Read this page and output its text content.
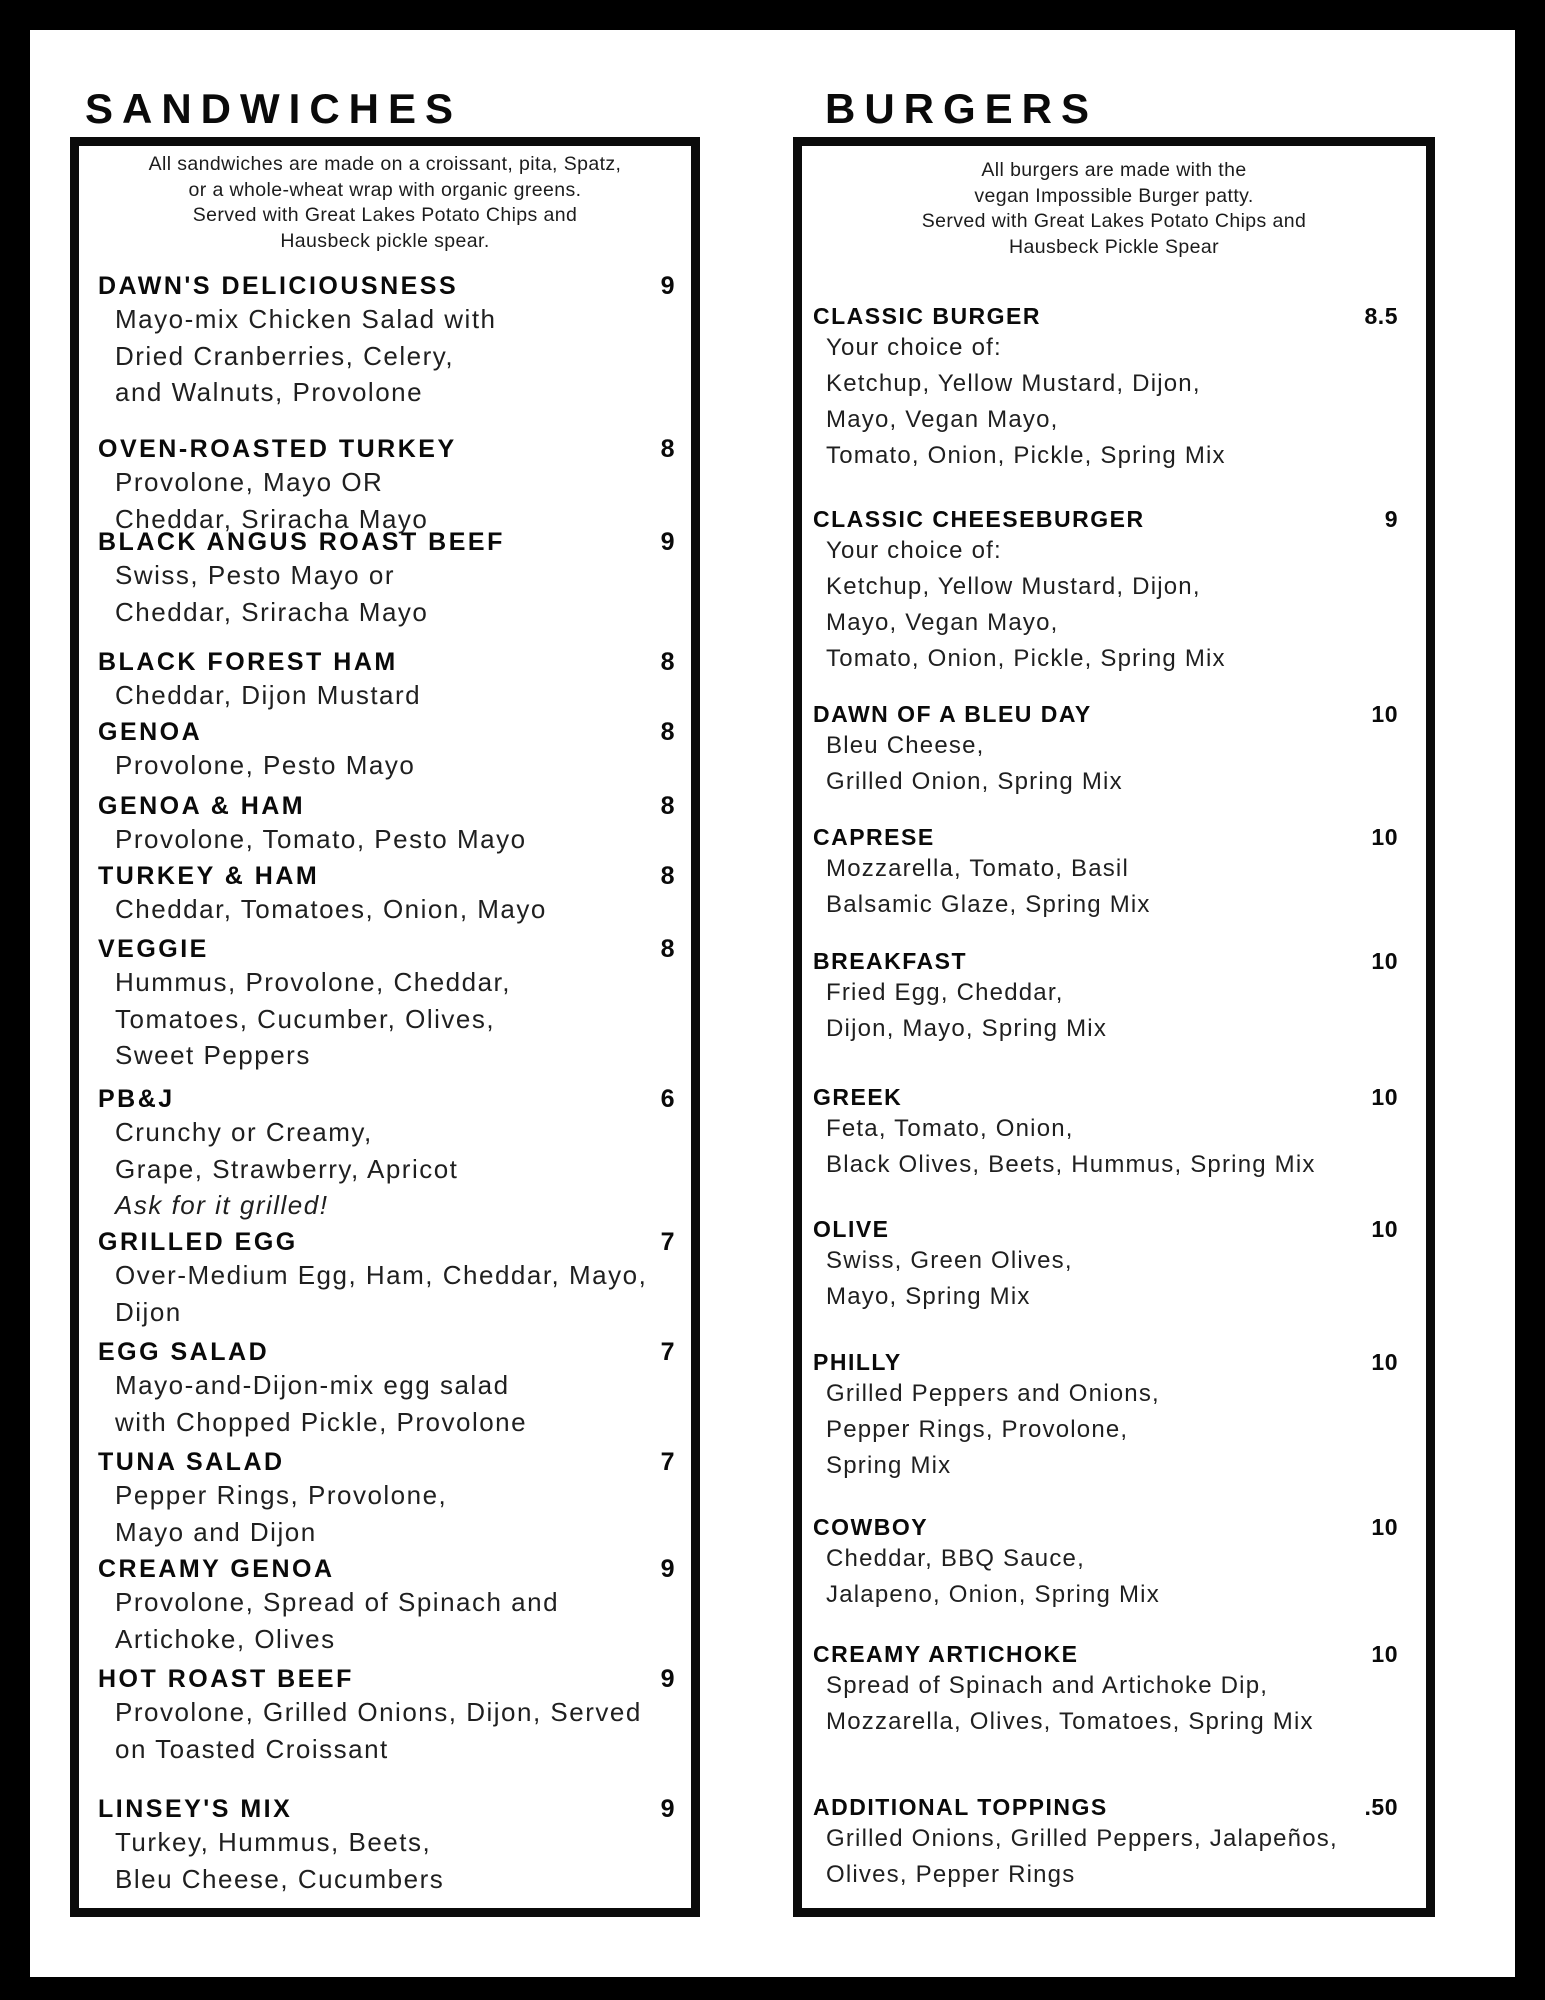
SANDWICHES	BURGERS
All sandwiches are made on a croissant, pita, Spatz,
or a whole-wheat wrap with organic greens.
Served with Great Lakes Potato Chips and
Hausbeck pickle spear.
DAWN'S DELICIOUSNESS	9
Mayo-mix Chicken Salad with
Dried Cranberries, Celery,
and Walnuts, Provolone
OVEN-ROASTED TURKEY	8
Provolone, Mayo OR
Cheddar, Sriracha Mayo
BLACK ANGUS ROAST BEEF	9
Swiss, Pesto Mayo or
Cheddar, Sriracha Mayo
BLACK FOREST HAM	8
Cheddar, Dijon Mustard
GENOA	8
Provolone, Pesto Mayo
GENOA & HAM	8
Provolone, Tomato, Pesto Mayo
TURKEY & HAM	8
Cheddar, Tomatoes, Onion, Mayo
VEGGIE	8
Hummus, Provolone, Cheddar,
Tomatoes, Cucumber, Olives,
Sweet Peppers
PB&J	6
Crunchy or Creamy,
Grape, Strawberry, Apricot
Ask for it grilled!
GRILLED EGG	7
Over-Medium Egg, Ham, Cheddar, Mayo,
Dijon
EGG SALAD	7
Mayo-and-Dijon-mix egg salad
with Chopped Pickle, Provolone
TUNA SALAD	7
Pepper Rings, Provolone,
Mayo and Dijon
CREAMY GENOA	9
Provolone, Spread of Spinach and
Artichoke, Olives
HOT ROAST BEEF	9
Provolone, Grilled Onions, Dijon, Served
on Toasted Croissant
LINSEY'S MIX	9
Turkey, Hummus, Beets,
Bleu Cheese, Cucumbers
All burgers are made with the
vegan Impossible Burger patty.
Served with Great Lakes Potato Chips and
Hausbeck Pickle Spear
CLASSIC BURGER	8.5
Your choice of:
Ketchup, Yellow Mustard, Dijon,
Mayo, Vegan Mayo,
Tomato, Onion, Pickle, Spring Mix
CLASSIC CHEESEBURGER	9
Your choice of:
Ketchup, Yellow Mustard, Dijon,
Mayo, Vegan Mayo,
Tomato, Onion, Pickle, Spring Mix
DAWN OF A BLEU DAY	10
Bleu Cheese,
Grilled Onion, Spring Mix
CAPRESE	10
Mozzarella, Tomato, Basil
Balsamic Glaze, Spring Mix
BREAKFAST	10
Fried Egg, Cheddar,
Dijon, Mayo, Spring Mix
GREEK	10
Feta, Tomato, Onion,
Black Olives, Beets, Hummus, Spring Mix
OLIVE	10
Swiss, Green Olives,
Mayo, Spring Mix
PHILLY	10
Grilled Peppers and Onions,
Pepper Rings, Provolone,
Spring Mix
COWBOY	10
Cheddar, BBQ Sauce,
Jalapeno, Onion, Spring Mix
CREAMY ARTICHOKE	10
Spread of Spinach and Artichoke Dip,
Mozzarella, Olives, Tomatoes, Spring Mix
ADDITIONAL TOPPINGS	.50
Grilled Onions, Grilled Peppers, Jalapeños,
Olives, Pepper Rings
